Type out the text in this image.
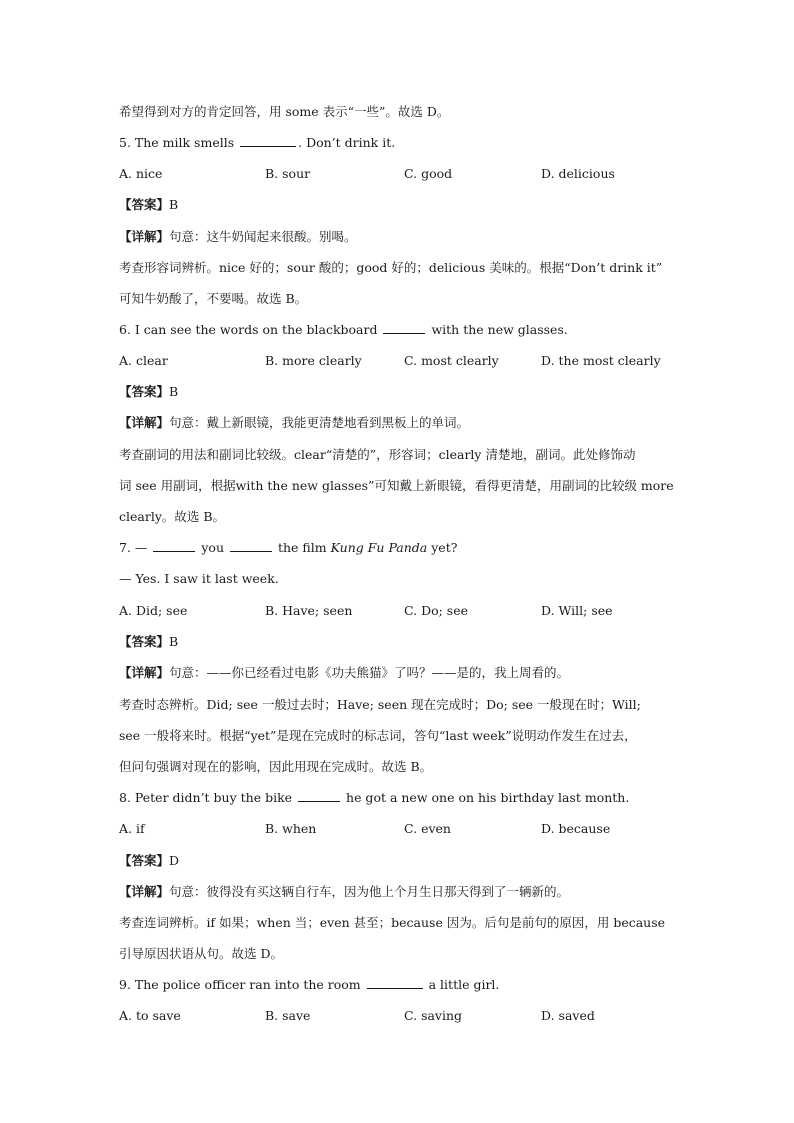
希望得到对方的肯定回答，用 some 表示“一些”。故选 D。
5. The milk smells	. Don’t drink it.
A. nice	B. sour	C. good	D. delicious
【答案】B
【详解】句意：这牛奶闻起来很酸。别喝。
考查形容词辨析。nice 好的；sour 酸的；good 好的；delicious 美味的。根据“Don’t drink it”
可知牛奶酸了，不要喝。故选 B。
6. I can see the words on the blackboard	with the new glasses.
A. clear	B. more clearly	C. most clearly	D. the most clearly
【答案】B
【详解】句意：戴上新眼镜，我能更清楚地看到黑板上的单词。
考查副词的用法和副词比较级。clear“清楚的”，形容词；clearly 清楚地，副词。此处修饰动
词 see 用副词，根据with the new glasses”可知戴上新眼镜，看得更清楚，用副词的比较级 more
clearly。故选 B。
7. —	you	the film Kung Fu Panda yet?
— Yes. I saw it last week.
A. Did; see	B. Have; seen	C. Do; see	D. Will; see
【答案】B
【详解】句意：——你已经看过电影《功夫熊猫》了吗？——是的，我上周看的。
考查时态辨析。Did; see 一般过去时；Have; seen 现在完成时；Do; see 一般现在时；Will;
see 一般将来时。根据“yet”是现在完成时的标志词，答句“last week”说明动作发生在过去，
但问句强调对现在的影响，因此用现在完成时。故选 B。
8. Peter didn’t buy the bike	he got a new one on his birthday last month.
A. if	B. when	C. even	D. because
【答案】D
【详解】句意：彼得没有买这辆自行车，因为他上个月生日那天得到了一辆新的。
考查连词辨析。if 如果；when 当；even 甚至；because 因为。后句是前句的原因，用 because
引导原因状语从句。故选 D。
9. The police officer ran into the room	a little girl.
A. to save	B. save	C. saving	D. saved
